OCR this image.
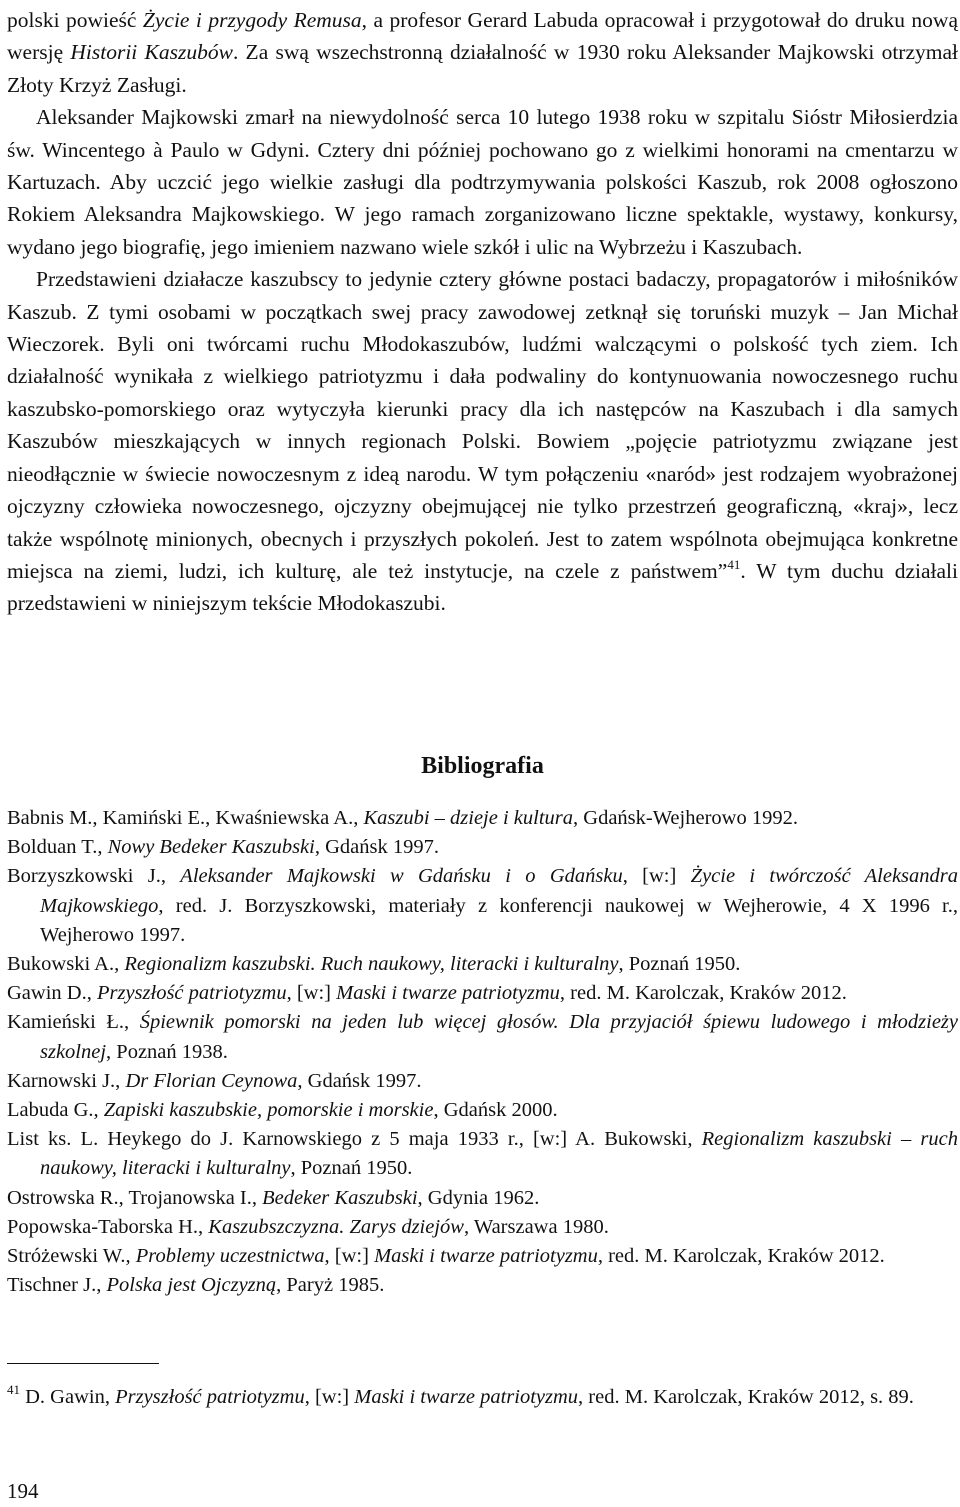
polski powieść Życie i przygody Remusa, a profesor Gerard Labuda opracował i przygotował do druku nową wersję Historii Kaszubów. Za swą wszechstronną działalność w 1930 roku Aleksander Majkowski otrzymał Złoty Krzyż Zasługi.
Aleksander Majkowski zmarł na niewydolność serca 10 lutego 1938 roku w szpitalu Sióstr Miłosierdzia św. Wincentego à Paulo w Gdyni. Cztery dni później pochowano go z wielkimi honorami na cmentarzu w Kartuzach. Aby uczcić jego wielkie zasługi dla podtrzymywania polskości Kaszub, rok 2008 ogłoszono Rokiem Aleksandra Majkowskiego. W jego ramach zorganizowano liczne spektakle, wystawy, konkursy, wydano jego biografię, jego imieniem nazwano wiele szkół i ulic na Wybrzeżu i Kaszubach.
Przedstawieni działacze kaszubscy to jedynie cztery główne postaci badaczy, propagatorów i miłośników Kaszub. Z tymi osobami w początkach swej pracy zawodowej zetknął się toruński muzyk – Jan Michał Wieczorek. Byli oni twórcami ruchu Młodokaszubów, ludźmi walczącymi o polskość tych ziem. Ich działalność wynikała z wielkiego patriotyzmu i dała podwaliny do kontynuowania nowoczesnego ruchu kaszubsko-pomorskiego oraz wytyczyła kierunki pracy dla ich następców na Kaszubach i dla samych Kaszubów mieszkających w innych regionach Polski. Bowiem „pojęcie patriotyzmu związane jest nieodłącznie w świecie nowoczesnym z ideą narodu. W tym połączeniu «naród» jest rodzajem wyobrażonej ojczyzny człowieka nowoczesnego, ojczyzny obejmującej nie tylko przestrzeń geograficzną, «kraj», lecz także wspólnotę minionych, obecnych i przyszłych pokoleń. Jest to zatem wspólnota obejmująca konkretne miejsca na ziemi, ludzi, ich kulturę, ale też instytucje, na czele z państwem”$^{41}$. W tym duchu działali przedstawieni w niniejszym tekście Młodokaszubi.
Bibliografia
Babnis M., Kamiński E., Kwaśniewska A., Kaszubi – dzieje i kultura, Gdańsk-Wejherowo 1992.
Bolduan T., Nowy Bedeker Kaszubski, Gdańsk 1997.
Borzyszkowski J., Aleksander Majkowski w Gdańsku i o Gdańsku, [w:] Życie i twórczość Aleksandra Majkowskiego, red. J. Borzyszkowski, materiały z konferencji naukowej w Wejherowie, 4 X 1996 r., Wejherowo 1997.
Bukowski A., Regionalizm kaszubski. Ruch naukowy, literacki i kulturalny, Poznań 1950.
Gawin D., Przyszłość patriotyzmu, [w:] Maski i twarze patriotyzmu, red. M. Karolczak, Kraków 2012.
Kamieński Ł., Śpiewnik pomorski na jeden lub więcej głosów. Dla przyjaciół śpiewu ludowego i młodzieży szkolnej, Poznań 1938.
Karnowski J., Dr Florian Ceynowa, Gdańsk 1997.
Labuda G., Zapiski kaszubskie, pomorskie i morskie, Gdańsk 2000.
List ks. L. Heykego do J. Karnowskiego z 5 maja 1933 r., [w:] A. Bukowski, Regionalizm kaszubski – ruch naukowy, literacki i kulturalny, Poznań 1950.
Ostrowska R., Trojanowska I., Bedeker Kaszubski, Gdynia 1962.
Popowska-Taborska H., Kaszubszczyzna. Zarys dziejów, Warszawa 1980.
Stróżewski W., Problemy uczestnictwa, [w:] Maski i twarze patriotyzmu, red. M. Karolczak, Kraków 2012.
Tischner J., Polska jest Ojczyzną, Paryż 1985.
$^{41}$ D. Gawin, Przyszłość patriotyzmu, [w:] Maski i twarze patriotyzmu, red. M. Karolczak, Kraków 2012, s. 89.
194
